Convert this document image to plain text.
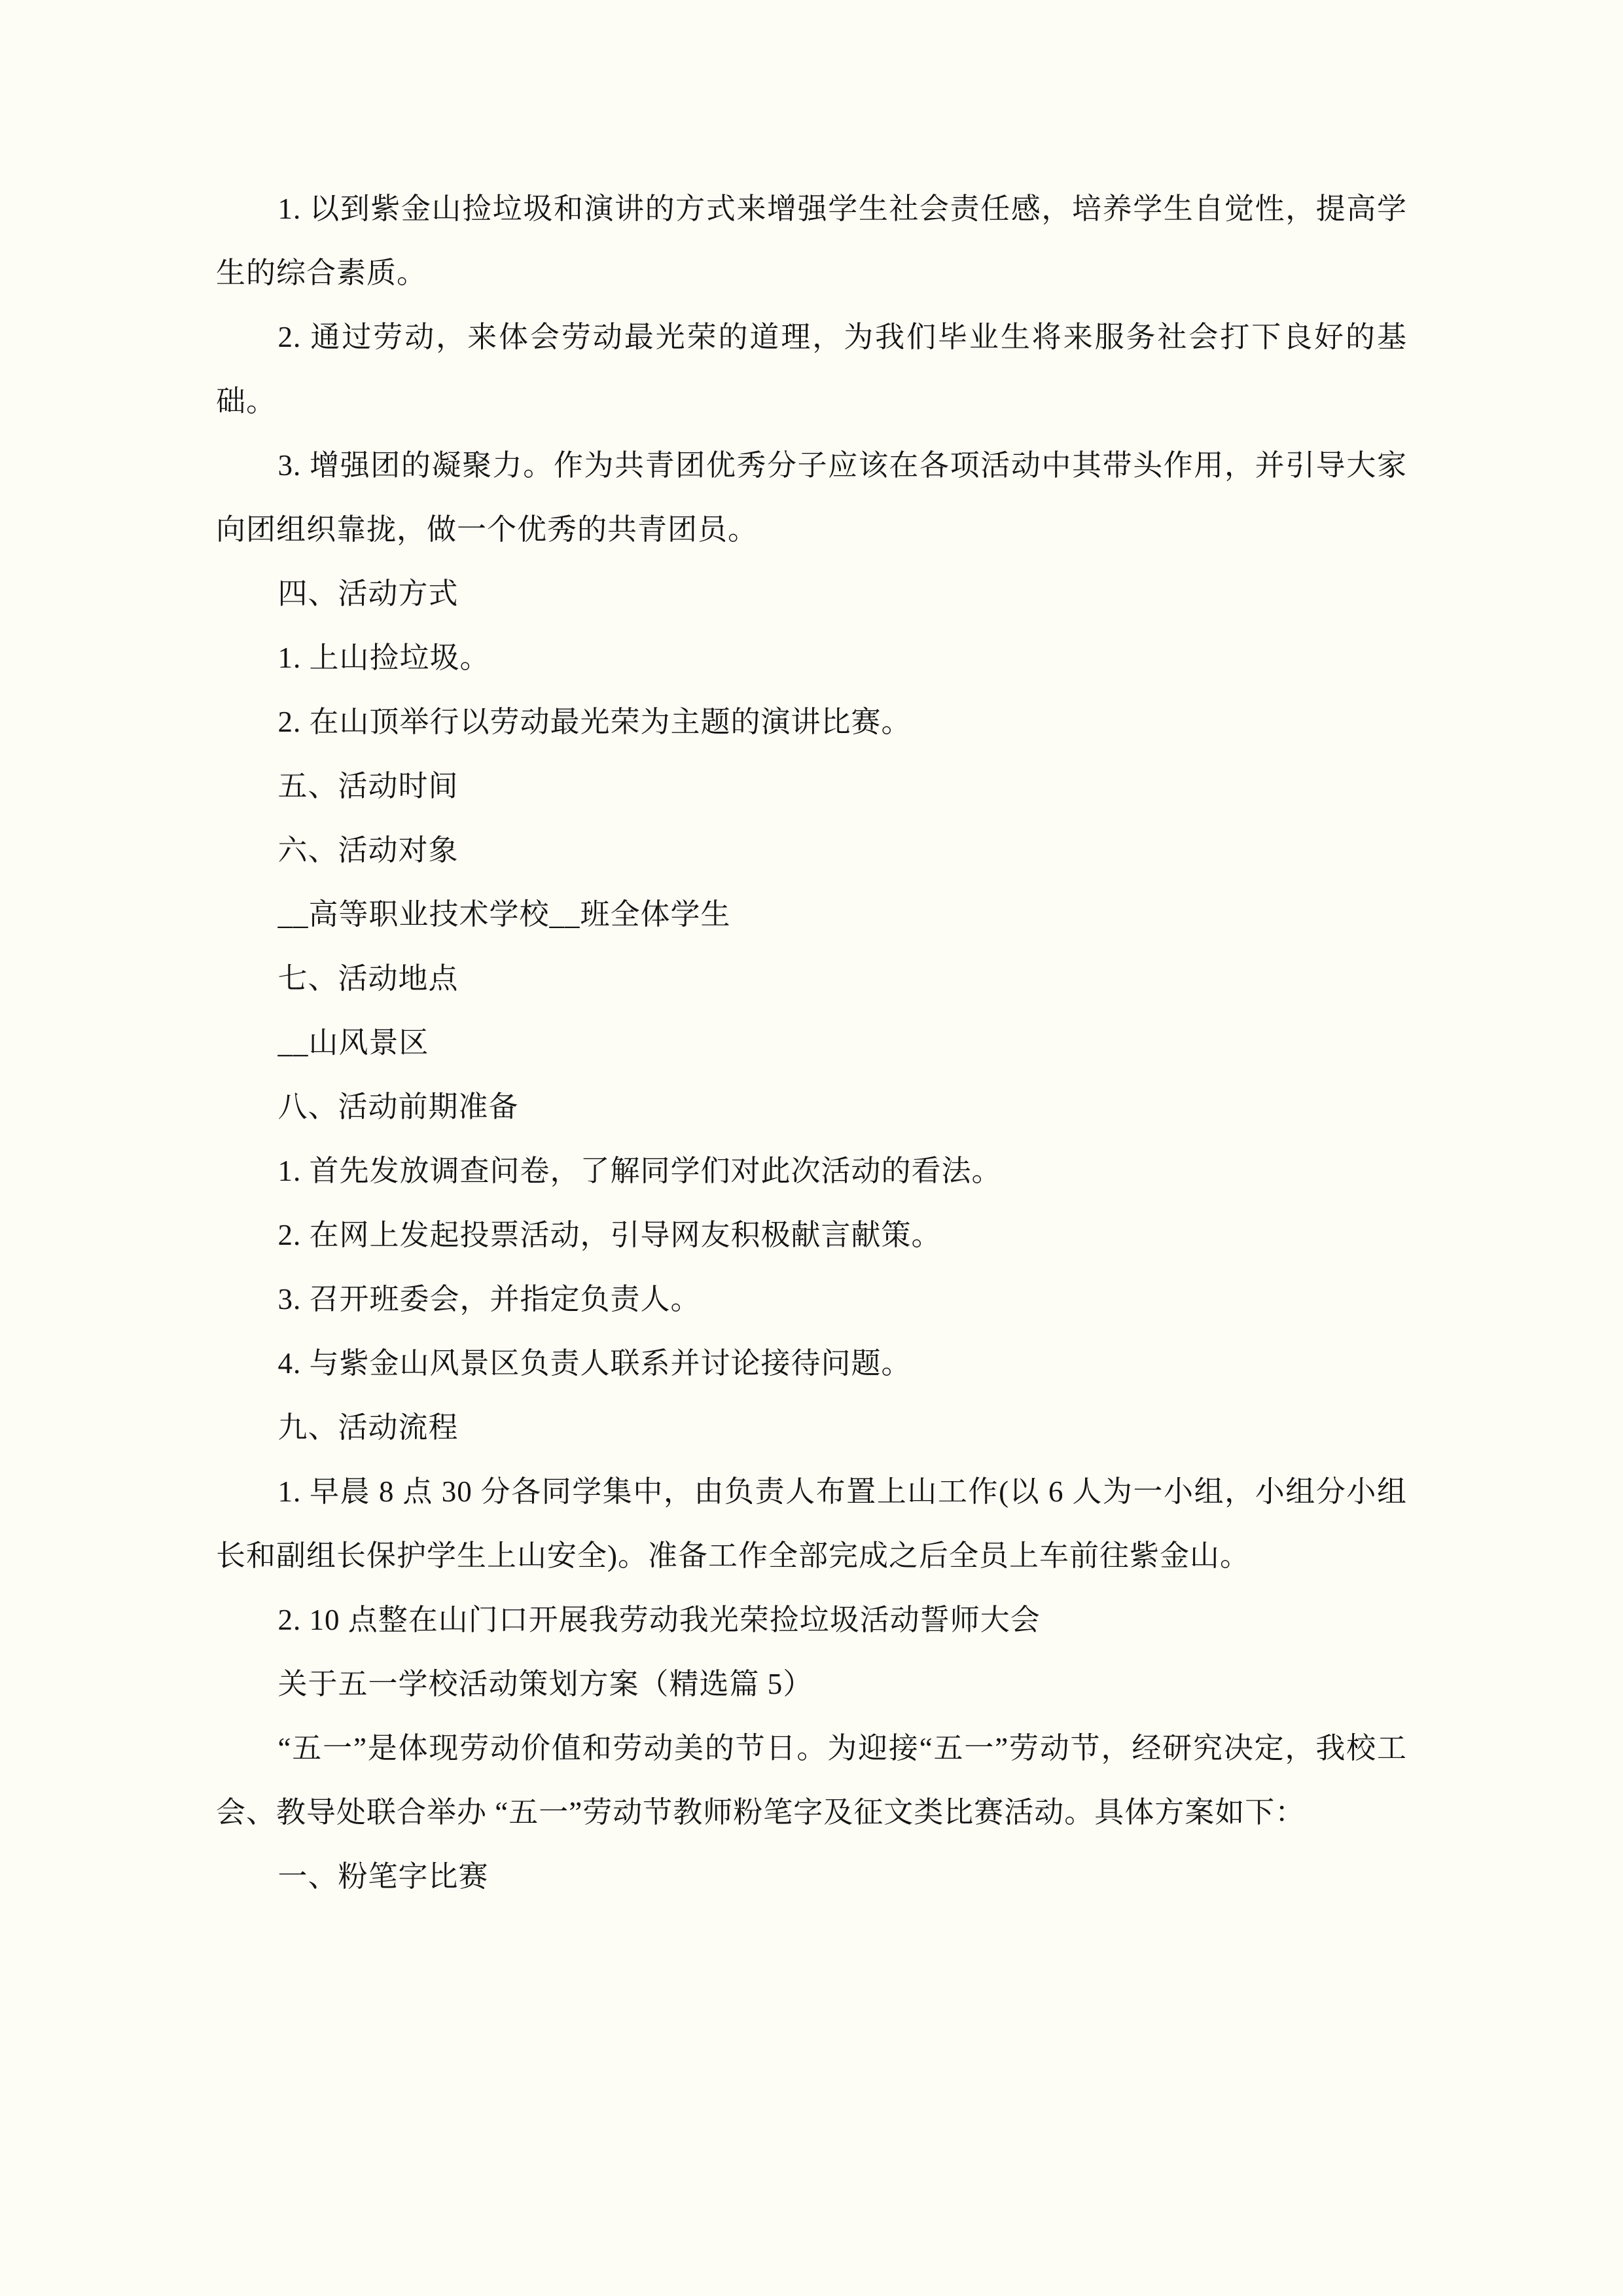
1. 以到紫金山捡垃圾和演讲的方式来增强学生社会责任感，培养学生自觉性，提高学生的综合素质。

2. 通过劳动，来体会劳动最光荣的道理，为我们毕业生将来服务社会打下良好的基础。

3. 增强团的凝聚力。作为共青团优秀分子应该在各项活动中其带头作用，并引导大家向团组织靠拢，做一个优秀的共青团员。

四、活动方式

1. 上山捡垃圾。

2. 在山顶举行以劳动最光荣为主题的演讲比赛。

五、活动时间

六、活动对象

__高等职业技术学校__班全体学生

七、活动地点

__山风景区

八、活动前期准备

1. 首先发放调查问卷，了解同学们对此次活动的看法。

2. 在网上发起投票活动，引导网友积极献言献策。

3. 召开班委会，并指定负责人。

4. 与紫金山风景区负责人联系并讨论接待问题。

九、活动流程

1. 早晨 8 点 30 分各同学集中，由负责人布置上山工作(以 6 人为一小组，小组分小组长和副组长保护学生上山安全)。准备工作全部完成之后全员上车前往紫金山。

2. 10 点整在山门口开展我劳动我光荣捡垃圾活动誓师大会

关于五一学校活动策划方案（精选篇 5）

“五一”是体现劳动价值和劳动美的节日。为迎接“五一”劳动节，经研究决定，我校工会、教导处联合举办 “五一”劳动节教师粉笔字及征文类比赛活动。具体方案如下：

一、粉笔字比赛
